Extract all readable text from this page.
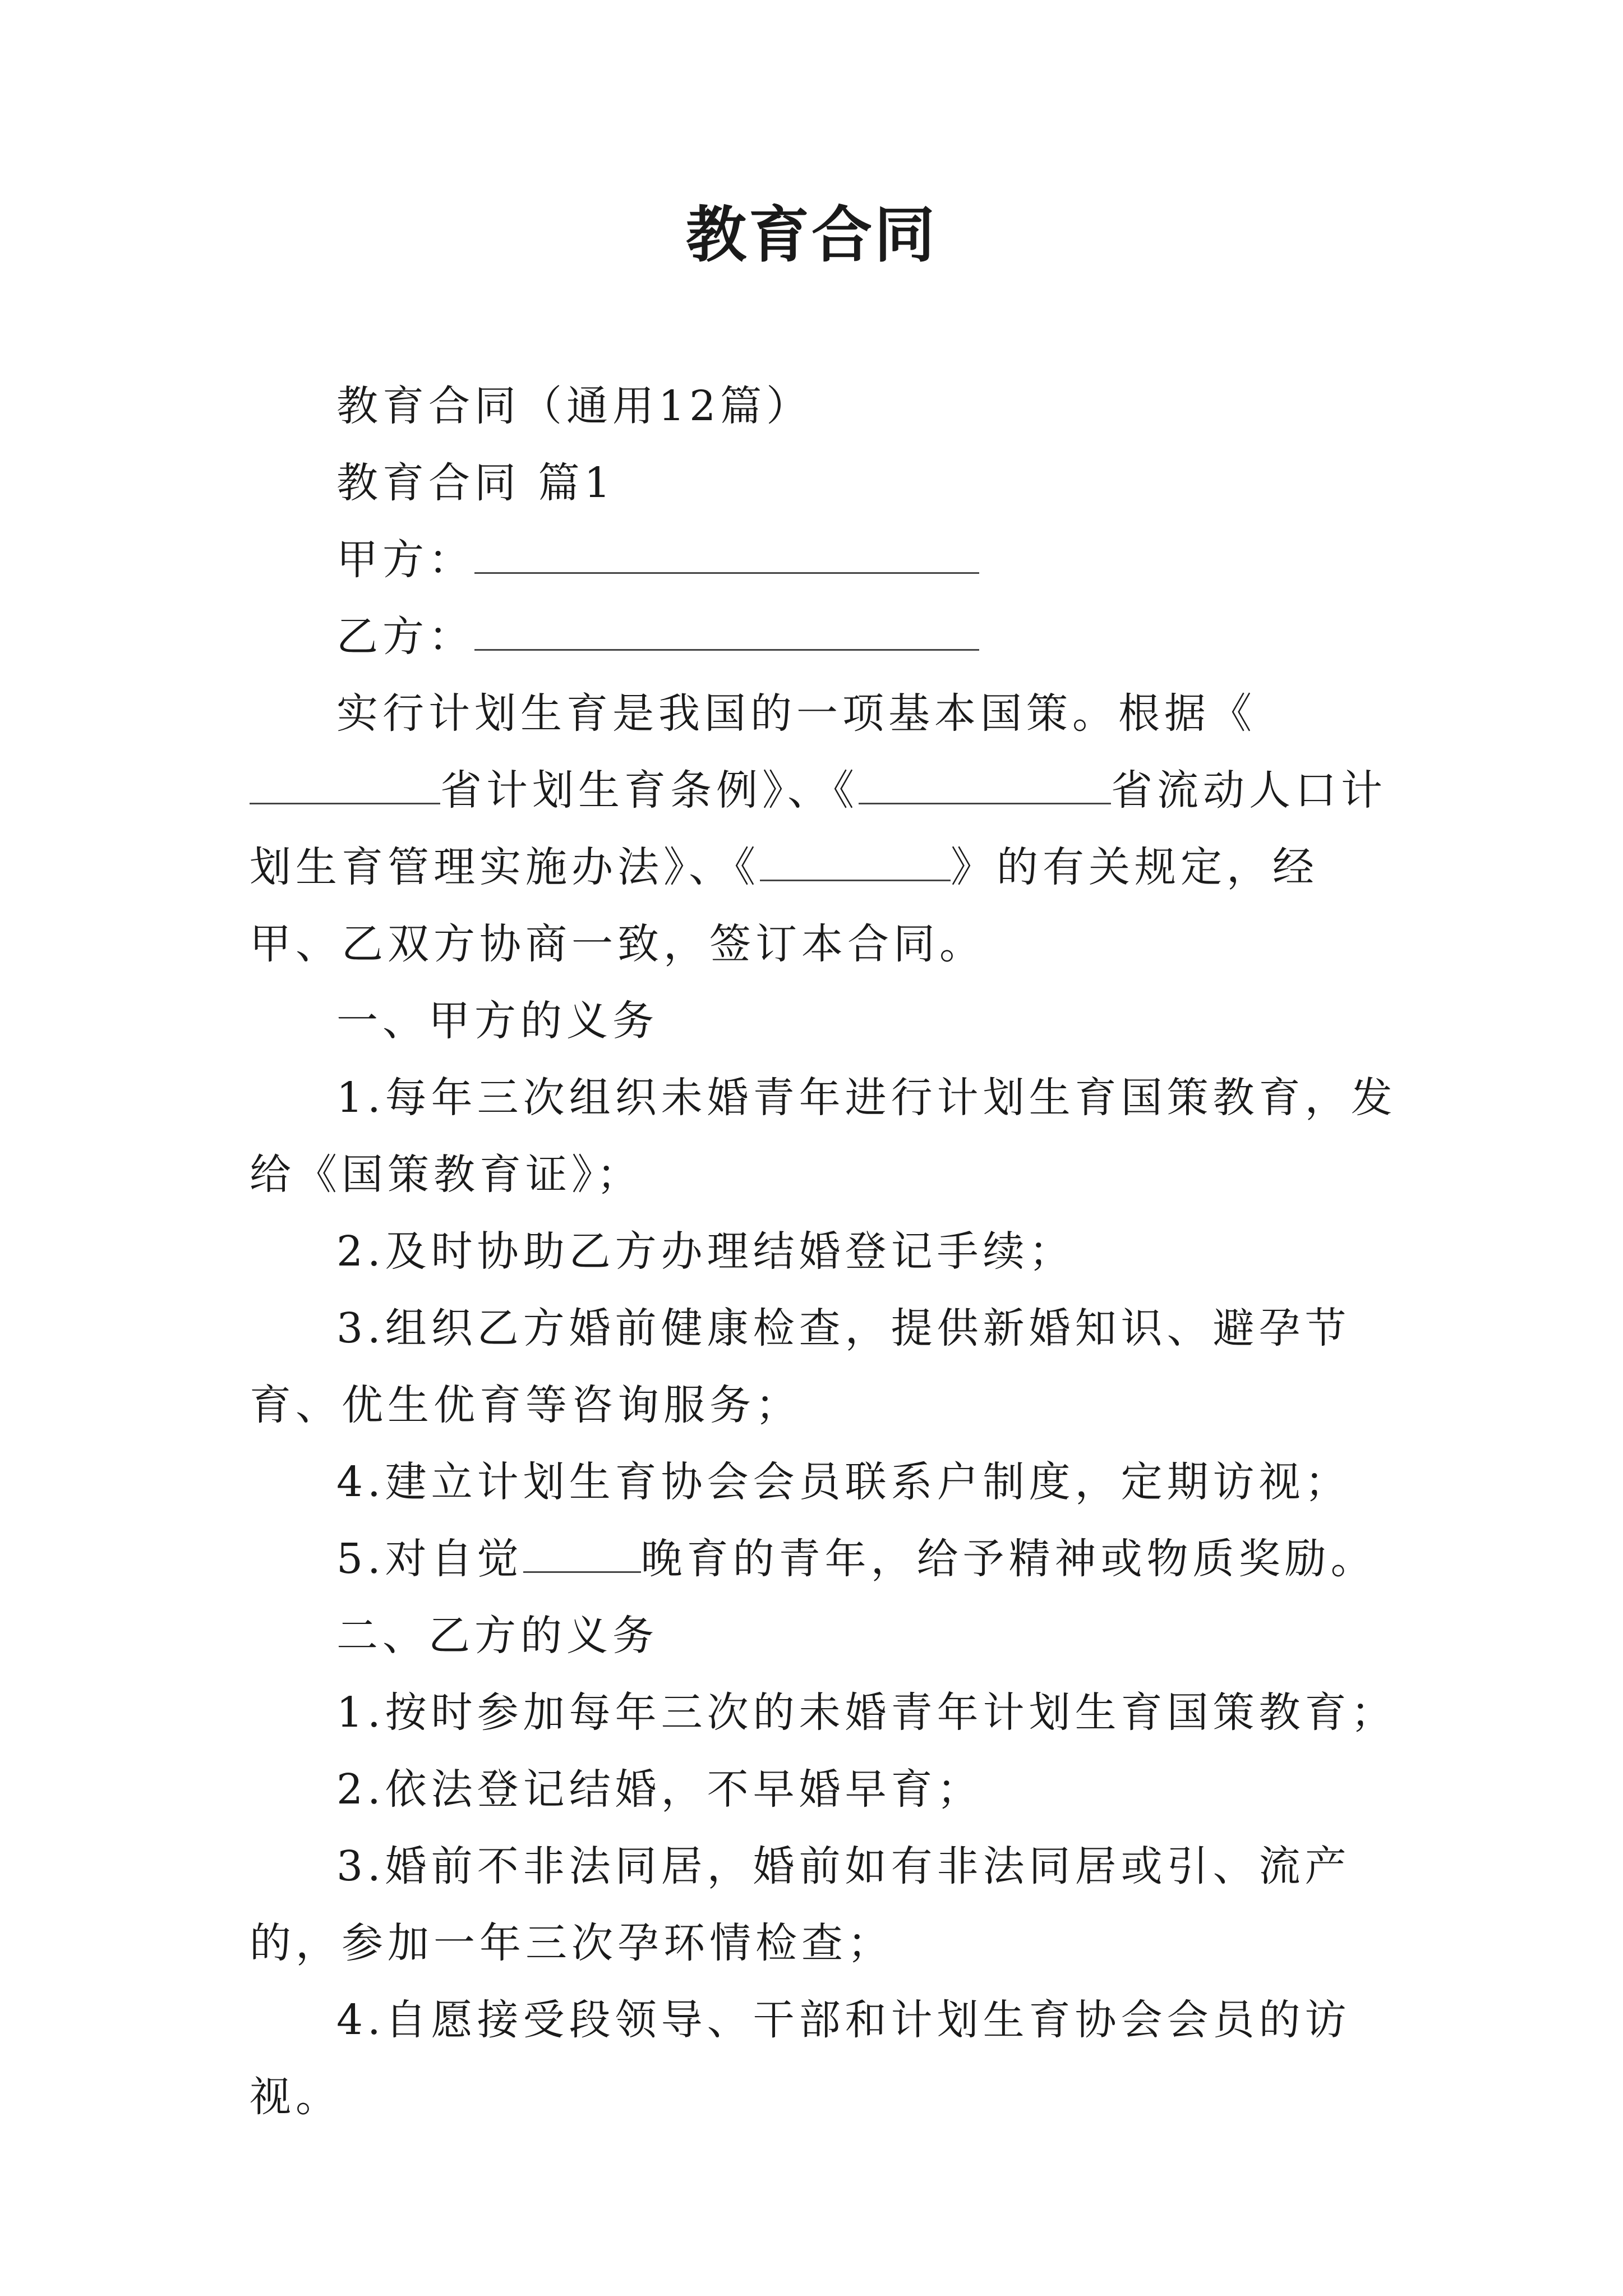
教育合同

教育合同（通用12篇）

教育合同 篇1

甲方：

乙方：

实行计划生育是我国的一项基本国策。根据《省计划生育条例》、《	省流动人口计划生育管理实施办法》、《	》的有关规定，经甲、乙双方协商一致，签订本合同。

一、甲方的义务

1.每年三次组织未婚青年进行计划生育国策教育，发给《国策教育证》；

2.及时协助乙方办理结婚登记手续；

3.组织乙方婚前健康检查，提供新婚知识、避孕节育、优生优育等咨询服务；

4.建立计划生育协会会员联系户制度，定期访视；

5.对自觉	晚育的青年，给予精神或物质奖励。

二、乙方的义务

1.按时参加每年三次的未婚青年计划生育国策教育；

2.依法登记结婚，不早婚早育；

3.婚前不非法同居，婚前如有非法同居或引、流产的，参加一年三次孕环情检查；

4.自愿接受段领导、干部和计划生育协会会员的访视。
